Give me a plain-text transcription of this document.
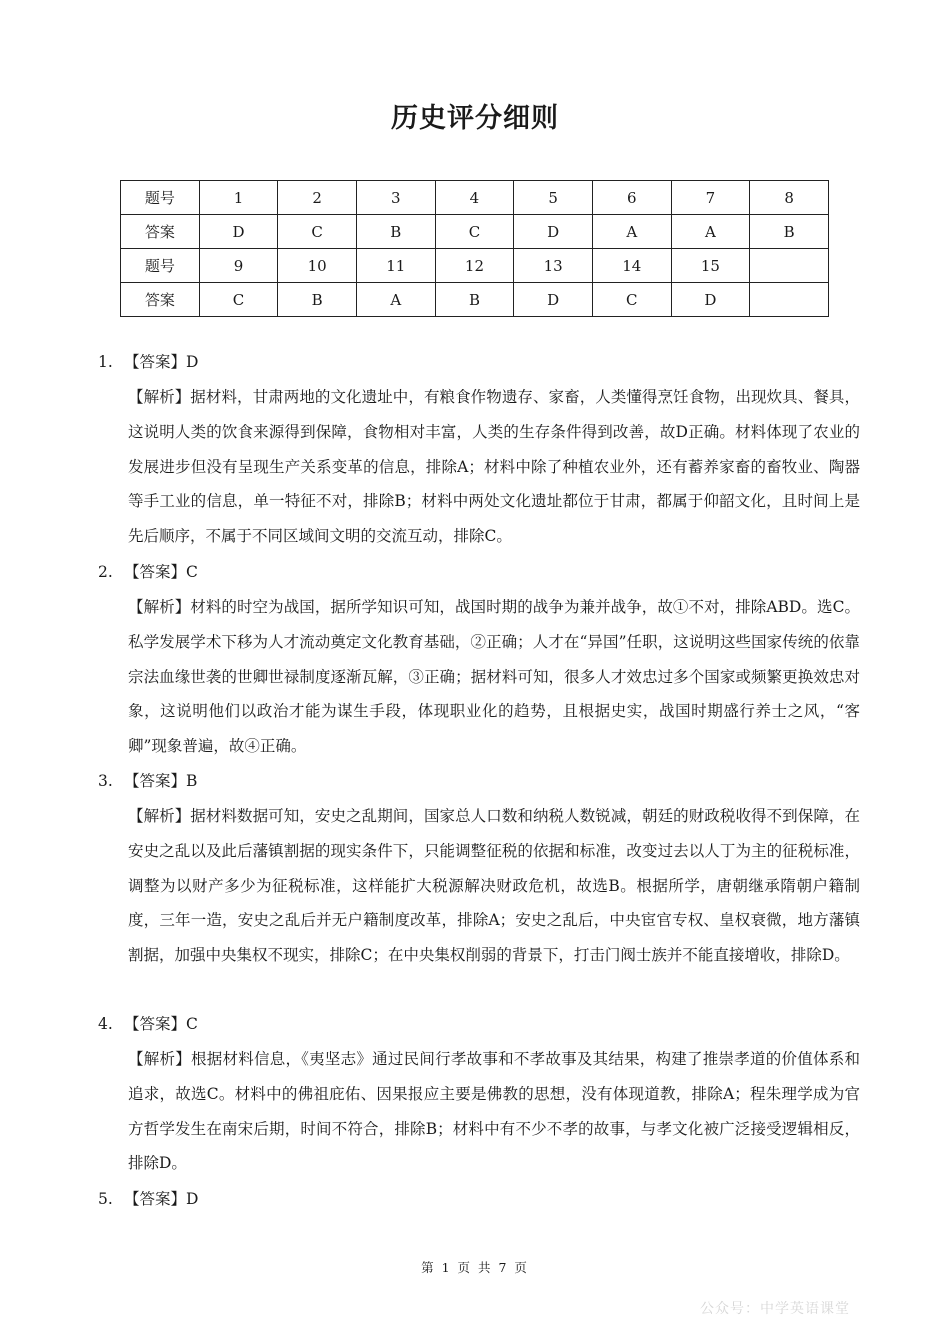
历史评分细则
题号	1	2	3	4	5	6	7	8
答案	D	C	B	C	D	A	A	B
题号	9	10	11	12	13	14	15	
答案	C	B	A	B	D	C	D	
1. 【答案】D
【解析】据材料，甘肃两地的文化遗址中，有粮食作物遗存、家畜，人类懂得烹饪食物，出现炊具、餐具，这说明人类的饮食来源得到保障，食物相对丰富，人类的生存条件得到改善，故D正确。材料体现了农业的发展进步但没有呈现生产关系变革的信息，排除A；材料中除了种植农业外，还有蓄养家畜的畜牧业、陶器等手工业的信息，单一特征不对，排除B；材料中两处文化遗址都位于甘肃，都属于仰韶文化，且时间上是先后顺序，不属于不同区域间文明的交流互动，排除C。
2. 【答案】C
【解析】材料的时空为战国，据所学知识可知，战国时期的战争为兼并战争，故①不对，排除ABD。选C。私学发展学术下移为人才流动奠定文化教育基础，②正确；人才在“异国”任职，这说明这些国家传统的依靠宗法血缘世袭的世卿世禄制度逐渐瓦解，③正确；据材料可知，很多人才效忠过多个国家或频繁更换效忠对象，这说明他们以政治才能为谋生手段，体现职业化的趋势，且根据史实，战国时期盛行养士之风，“客卿”现象普遍，故④正确。
3. 【答案】B
【解析】据材料数据可知，安史之乱期间，国家总人口数和纳税人数锐减，朝廷的财政税收得不到保障，在安史之乱以及此后藩镇割据的现实条件下，只能调整征税的依据和标准，改变过去以人丁为主的征税标准，调整为以财产多少为征税标准，这样能扩大税源解决财政危机，故选B。根据所学，唐朝继承隋朝户籍制度，三年一造，安史之乱后并无户籍制度改革，排除A；安史之乱后，中央宦官专权、皇权衰微，地方藩镇割据，加强中央集权不现实，排除C；在中央集权削弱的背景下，打击门阀士族并不能直接增收，排除D。
4. 【答案】C
【解析】根据材料信息，《夷坚志》通过民间行孝故事和不孝故事及其结果，构建了推崇孝道的价值体系和追求，故选C。材料中的佛祖庇佑、因果报应主要是佛教的思想，没有体现道教，排除A；程朱理学成为官方哲学发生在南宋后期，时间不符合，排除B；材料中有不少不孝的故事，与孝文化被广泛接受逻辑相反，排除D。
5. 【答案】D
第 1 页 共 7 页
公众号：中学英语课堂
